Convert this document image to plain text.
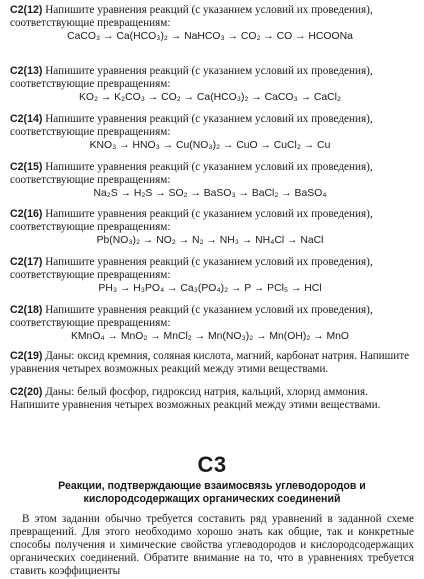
С2(12) Напишите уравнения реакций (с указанием условий их проведения), соответствующие превращениям:
CaCO₃ → Ca(HCO₃)₂ → NaHCO₃ → CO₂ → CO → HCOONa
С2(13) Напишите уравнения реакций (с указанием условий их проведения), соответствующие превращениям:
KO₂ → K₂CO₃ → CO₂ → Ca(HCO₃)₂ → CaCO₃ → CaCl₂
С2(14) Напишите уравнения реакций (с указанием условий их проведения), соответствующие превращениям:
KNO₃ → HNO₃ → Cu(NO₃)₂ → CuO → CuCl₂ → Cu
С2(15) Напишите уравнения реакций (с указанием условий их проведения), соответствующие превращениям:
Na₂S → H₂S → SO₂ → BaSO₃ → BaCl₂ → BaSO₄
С2(16) Напишите уравнения реакций (с указанием условий их проведения), соответствующие превращениям:
Pb(NO₃)₂ → NO₂ → N₂ → NH₃ → NH₄Cl → NaCl
С2(17) Напишите уравнения реакций (с указанием условий их проведения), соответствующие превращениям:
PH₃ → H₃PO₄ → Ca₃(PO₄)₂ → P → PCl₅ → HCl
С2(18) Напишите уравнения реакций (с указанием условий их проведения), соответствующие превращениям:
KMnO₄ → MnO₂ → MnCl₂ → Mn(NO₃)₂ → Mn(OH)₂ → MnO
С2(19) Даны: оксид кремния, соляная кислота, магний, карбонат натрия. Напишите уравнения четырех возможных реакций между этими веществами.
С2(20) Даны: белый фосфор, гидроксид натрия, кальций, хлорид аммония. Напишите уравнения четырех возможных реакций между этими веществами.
С3
Реакции, подтверждающие взаимосвязь углеводородов и кислородсодержащих органических соединений
В этом задании обычно требуется составить ряд уравнений в заданной схеме превращений. Для этого необходимо хорошо знать как общие, так и конкретные способы получения и химические свойства углеводородов и кислородсодержащих органических соединений. Обратите внимание на то, что в уравнениях требуется ставить коэффициенты
